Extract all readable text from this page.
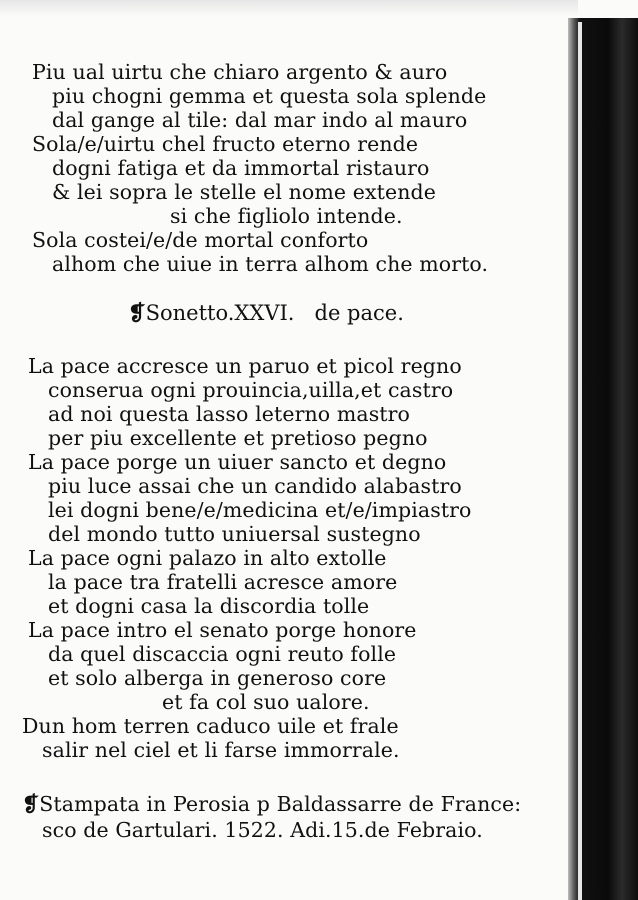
Piu ual uirtu che chiaro argento & auro
piu chogni gemma et questa sola splende
dal gange al tile: dal mar indo al mauro
Sola/e/uirtu chel fructo eterno rende
dogni fatiga et da immortal ristauro
& lei sopra le stelle el nome extende
si che figliolo intende.
Sola costei/e/de mortal conforto
alhom che uiue in terra alhom che morto.
❡Sonetto.XXVI. de pace.
La pace accresce un paruo et picol regno
conserua ogni prouincia,uilla,et castro
ad noi questa lasso leterno mastro
per piu excellente et pretioso pegno
La pace porge un uiuer sancto et degno
piu luce assai che un candido alabastro
lei dogni bene/e/medicina et/e/impiastro
del mondo tutto uniuersal sustegno
La pace ogni palazo in alto extolle
la pace tra fratelli acresce amore
et dogni casa la discordia tolle
La pace intro el senato porge honore
da quel discaccia ogni reuto folle
et solo alberga in generoso core
et fa col suo ualore.
Dun hom terren caduco uile et frale
salir nel ciel et li farse immorrale.
❡Stampata in Perosia p Baldassarre de France:
sco de Gartulari. 1522. Adi.15.de Febraio.
